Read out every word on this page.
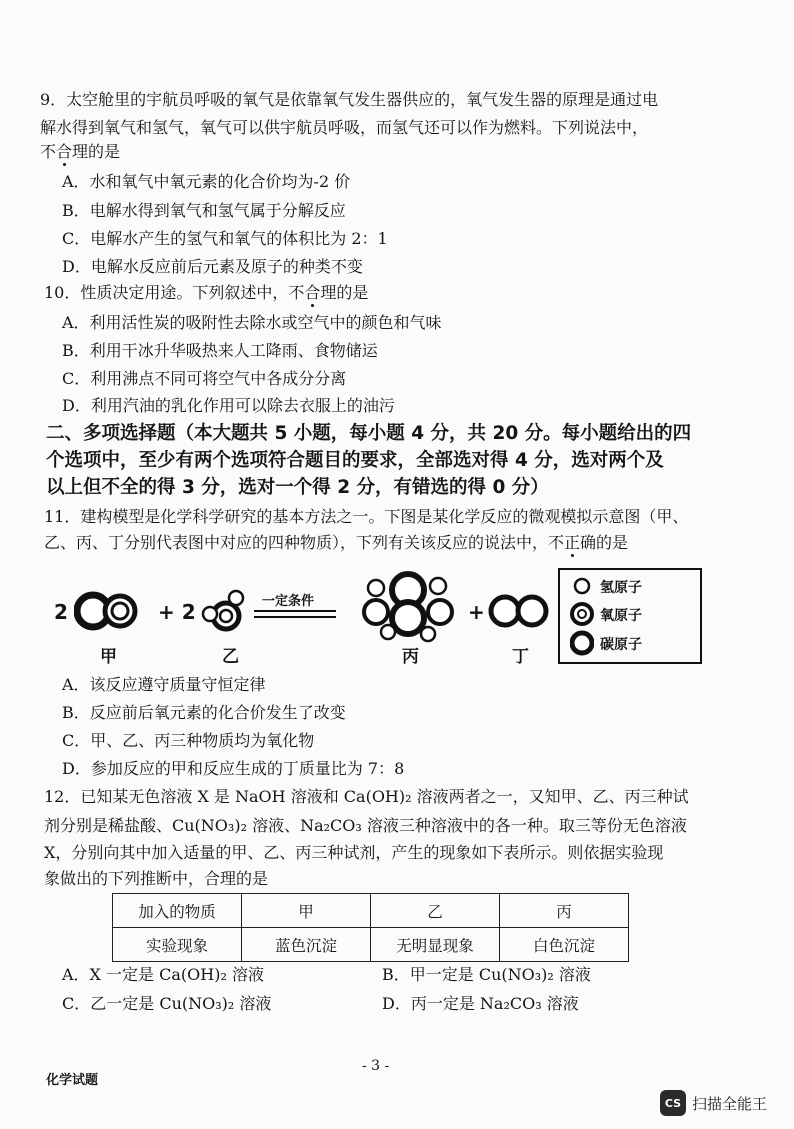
9．太空舱里的宇航员呼吸的氧气是依靠氧气发生器供应的，氧气发生器的原理是通过电
解水得到氧气和氢气，氧气可以供宇航员呼吸，而氢气还可以作为燃料。下列说法中，
不合理的是
A．水和氧气中氧元素的化合价均为-2 价
B．电解水得到氧气和氢气属于分解反应
C．电解水产生的氢气和氧气的体积比为 2：1
D．电解水反应前后元素及原子的种类不变
10．性质决定用途。下列叙述中，不合理的是
A．利用活性炭的吸附性去除水或空气中的颜色和气味
B．利用干冰升华吸热来人工降雨、食物储运
C．利用沸点不同可将空气中各成分分离
D．利用汽油的乳化作用可以除去衣服上的油污
二、多项选择题（本大题共 5 小题，每小题 4 分，共 20 分。每小题给出的四
个选项中，至少有两个选项符合题目的要求，全部选对得 4 分，选对两个及
以上但不全的得 3 分，选对一个得 2 分，有错选的得 0 分）
11．建构模型是化学科学研究的基本方法之一。下图是某化学反应的微观模拟示意图（甲、
乙、丙、丁分别代表图中对应的四种物质），下列有关该反应的说法中，不正确的是
2	+ 2	一定条件	+
甲	乙	丙	丁
氢原子
氧原子
碳原子
A．该反应遵守质量守恒定律
B．反应前后氧元素的化合价发生了改变
C．甲、乙、丙三种物质均为氧化物
D．参加反应的甲和反应生成的丁质量比为 7：8
12．已知某无色溶液 X 是 NaOH 溶液和 Ca(OH)₂ 溶液两者之一，又知甲、乙、丙三种试
剂分别是稀盐酸、Cu(NO₃)₂ 溶液、Na₂CO₃ 溶液三种溶液中的各一种。取三等份无色溶液
X，分别向其中加入适量的甲、乙、丙三种试剂，产生的现象如下表所示。则依据实验现
象做出的下列推断中，合理的是
加入的物质	甲	乙	丙
实验现象	蓝色沉淀	无明显现象	白色沉淀
A．X 一定是 Ca(OH)₂ 溶液	B．甲一定是 Cu(NO₃)₂ 溶液
C．乙一定是 Cu(NO₃)₂ 溶液	D．丙一定是 Na₂CO₃ 溶液
- 3 -
化学试题
CS 扫描全能王
